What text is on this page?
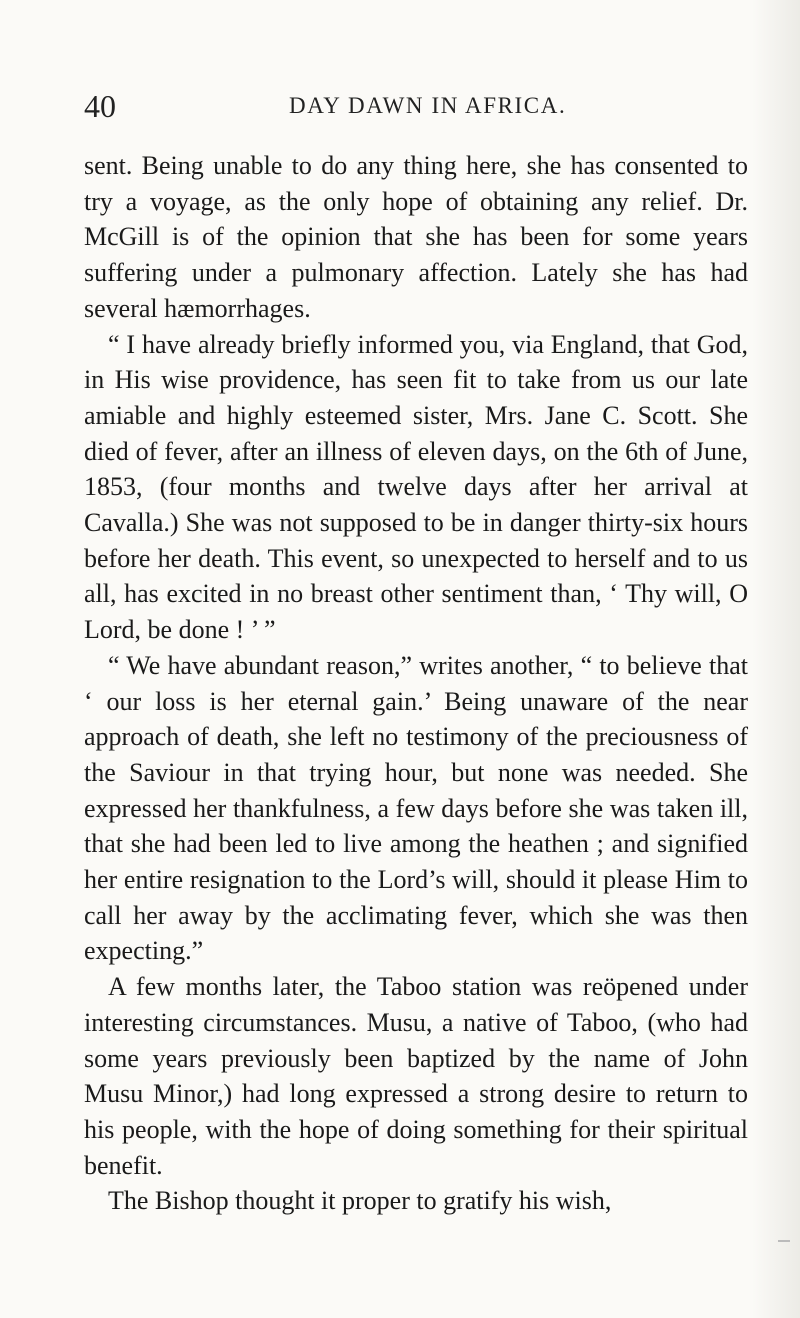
40	DAY DAWN IN AFRICA.

sent. Being unable to do any thing here, she has consented to try a voyage, as the only hope of obtaining any relief. Dr. McGill is of the opinion that she has been for some years suffering under a pulmonary affection. Lately she has had several hæmorrhages.

“ I have already briefly informed you, via England, that God, in His wise providence, has seen fit to take from us our late amiable and highly esteemed sister, Mrs. Jane C. Scott. She died of fever, after an illness of eleven days, on the 6th of June, 1853, (four months and twelve days after her arrival at Cavalla.) She was not supposed to be in danger thirty-six hours before her death. This event, so unexpected to herself and to us all, has excited in no breast other sentiment than, ‘ Thy will, O Lord, be done ! ’ ”

“ We have abundant reason,” writes another, “ to believe that ‘ our loss is her eternal gain.’ Being unaware of the near approach of death, she left no testimony of the preciousness of the Saviour in that trying hour, but none was needed. She expressed her thankfulness, a few days before she was taken ill, that she had been led to live among the heathen ; and signified her entire resignation to the Lord’s will, should it please Him to call her away by the acclimating fever, which she was then expecting.”

A few months later, the Taboo station was reöpened under interesting circumstances. Musu, a native of Taboo, (who had some years previously been baptized by the name of John Musu Minor,) had long expressed a strong desire to return to his people, with the hope of doing something for their spiritual benefit.

The Bishop thought it proper to gratify his wish,
